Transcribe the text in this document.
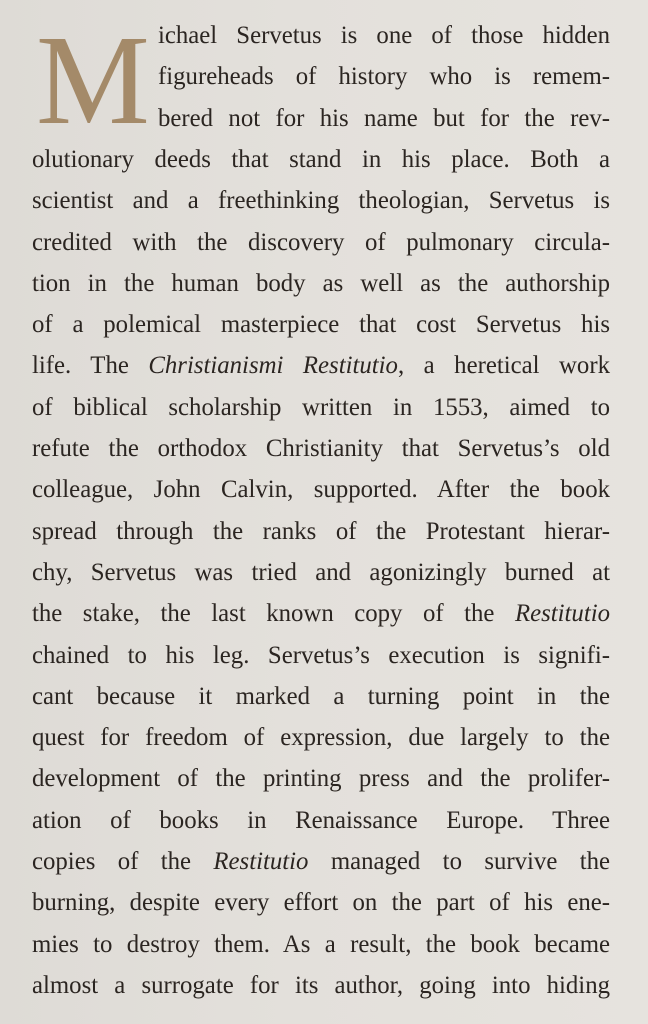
M ichael Servetus is one of those hidden
figureheads of history who is remem-
bered not for his name but for the rev-
olutionary deeds that stand in his place. Both a
scientist and a freethinking theologian, Servetus is
credited with the discovery of pulmonary circula-
tion in the human body as well as the authorship
of a polemical masterpiece that cost Servetus his
life. The Christianismi Restitutio, a heretical work
of biblical scholarship written in 1553, aimed to
refute the orthodox Christianity that Servetus’s old
colleague, John Calvin, supported. After the book
spread through the ranks of the Protestant hierar-
chy, Servetus was tried and agonizingly burned at
the stake, the last known copy of the Restitutio
chained to his leg. Servetus’s execution is signifi-
cant because it marked a turning point in the
quest for freedom of expression, due largely to the
development of the printing press and the prolifer-
ation of books in Renaissance Europe. Three
copies of the Restitutio managed to survive the
burning, despite every effort on the part of his ene-
mies to destroy them. As a result, the book became
almost a surrogate for its author, going into hiding
